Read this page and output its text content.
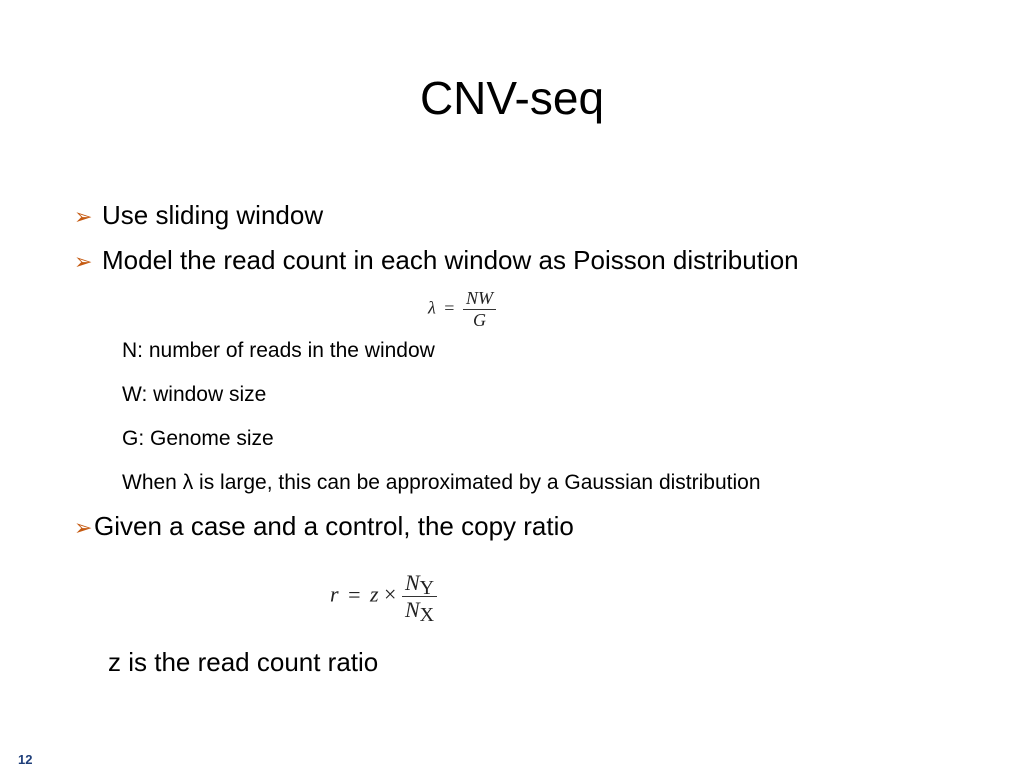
CNV-seq
➢ Use sliding window
➢ Model the read count in each window as Poisson distribution
$\lambda = \frac{NW}{G}$
N: number of reads in the window
W: window size
G: Genome size
When λ is large, this can be approximated by a Gaussian distribution
➢ Given a case and a control, the copy ratio
$r = z \times \frac{NY}{NX}$
z is the read count ratio
12
